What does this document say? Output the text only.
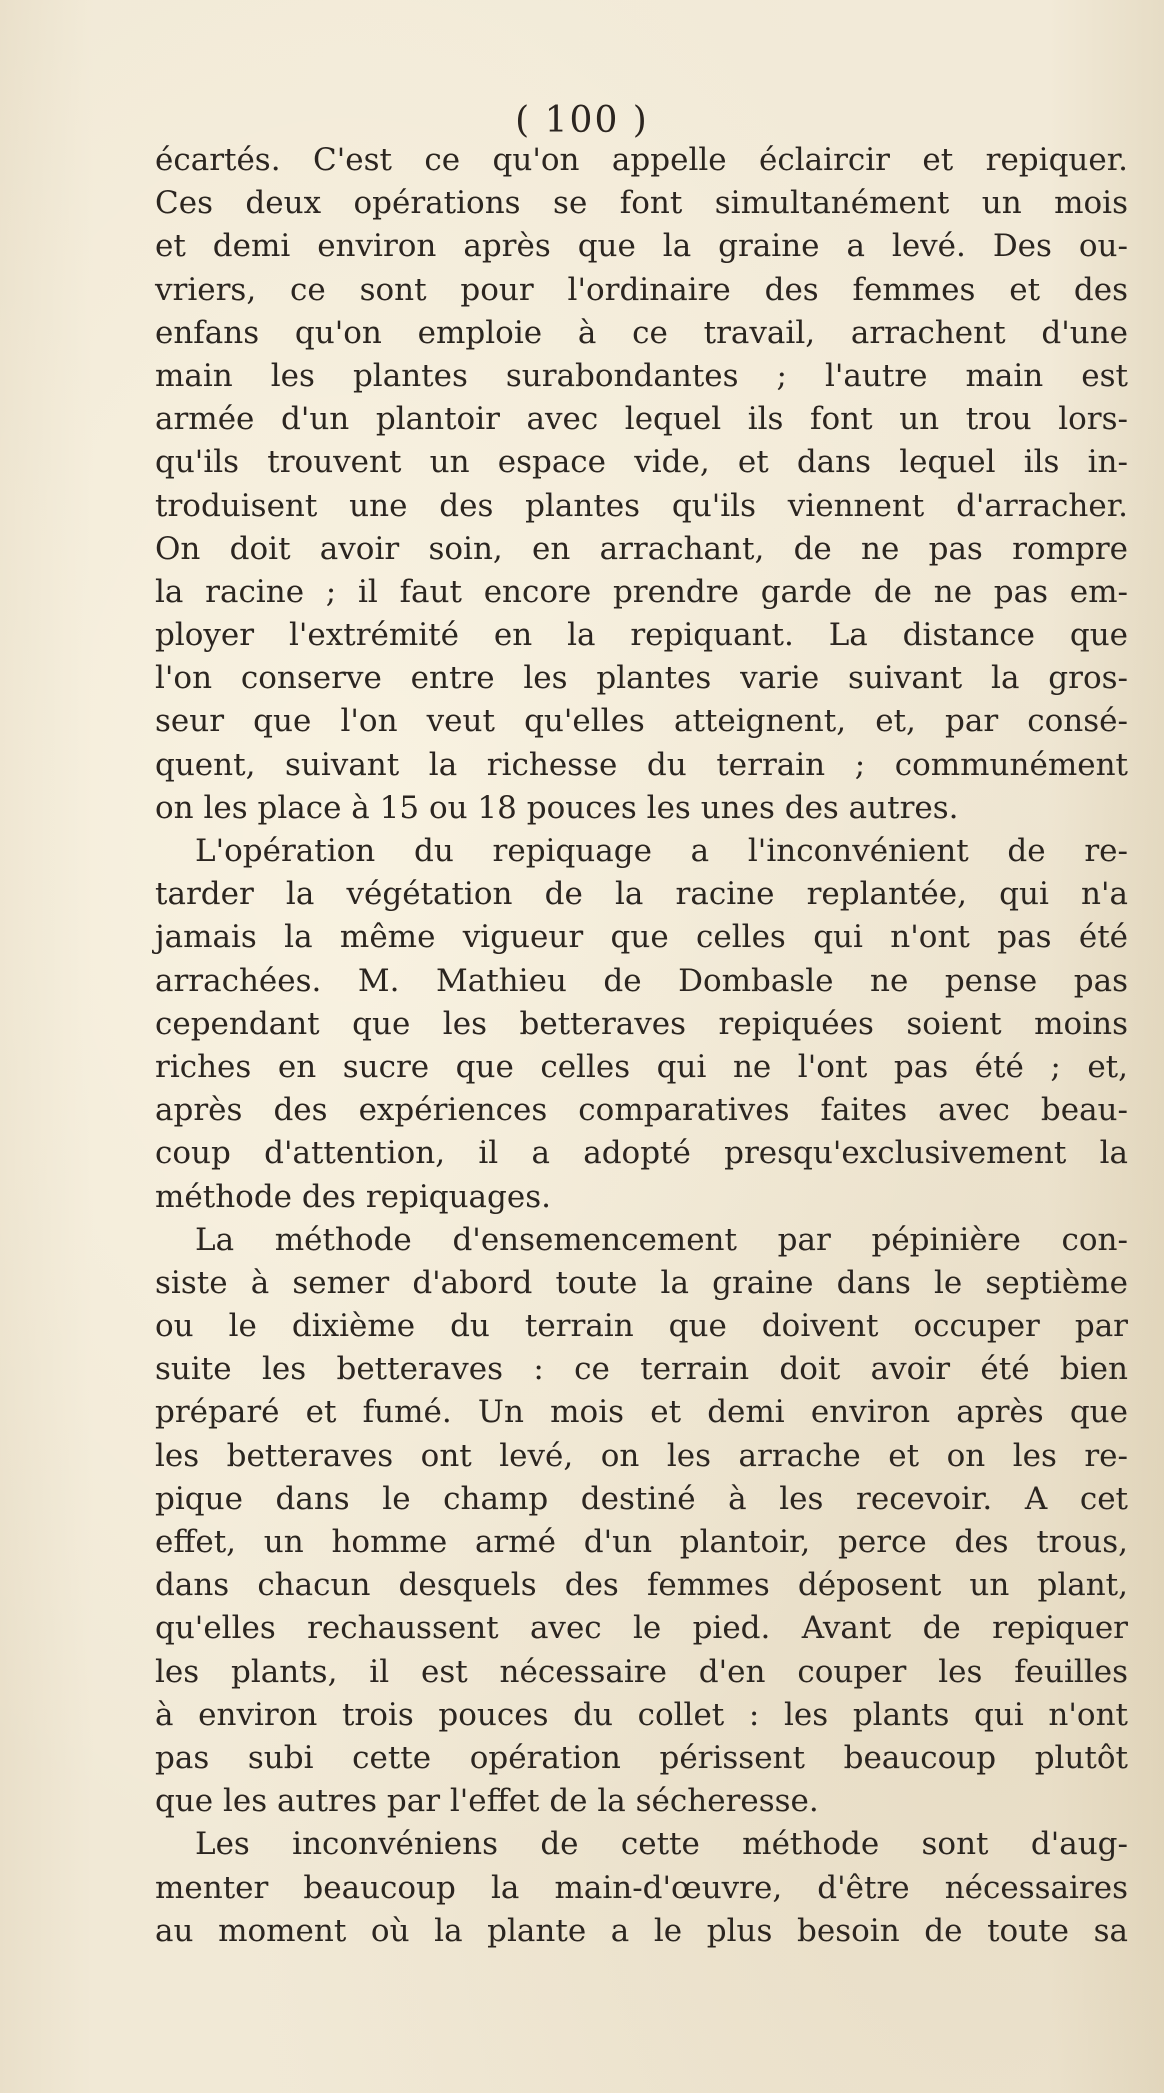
( 100 )
écartés. C'est ce qu'on appelle éclaircir et repiquer.
Ces deux opérations se font simultanément un mois
et demi environ après que la graine a levé. Des ou-
vriers, ce sont pour l'ordinaire des femmes et des
enfans qu'on emploie à ce travail, arrachent d'une
main les plantes surabondantes ; l'autre main est
armée d'un plantoir avec lequel ils font un trou lors-
qu'ils trouvent un espace vide, et dans lequel ils in-
troduisent une des plantes qu'ils viennent d'arracher.
On doit avoir soin, en arrachant, de ne pas rompre
la racine ; il faut encore prendre garde de ne pas em-
ployer l'extrémité en la repiquant. La distance que
l'on conserve entre les plantes varie suivant la gros-
seur que l'on veut qu'elles atteignent, et, par consé-
quent, suivant la richesse du terrain ; communément
on les place à 15 ou 18 pouces les unes des autres.
L'opération du repiquage a l'inconvénient de re-
tarder la végétation de la racine replantée, qui n'a
jamais la même vigueur que celles qui n'ont pas été
arrachées. M. Mathieu de Dombasle ne pense pas
cependant que les betteraves repiquées soient moins
riches en sucre que celles qui ne l'ont pas été ; et,
après des expériences comparatives faites avec beau-
coup d'attention, il a adopté presqu'exclusivement la
méthode des repiquages.
La méthode d'ensemencement par pépinière con-
siste à semer d'abord toute la graine dans le septième
ou le dixième du terrain que doivent occuper par
suite les betteraves : ce terrain doit avoir été bien
préparé et fumé. Un mois et demi environ après que
les betteraves ont levé, on les arrache et on les re-
pique dans le champ destiné à les recevoir. A cet
effet, un homme armé d'un plantoir, perce des trous,
dans chacun desquels des femmes déposent un plant,
qu'elles rechaussent avec le pied. Avant de repiquer
les plants, il est nécessaire d'en couper les feuilles
à environ trois pouces du collet : les plants qui n'ont
pas subi cette opération périssent beaucoup plutôt
que les autres par l'effet de la sécheresse.
Les inconvéniens de cette méthode sont d'aug-
menter beaucoup la main-d'œuvre, d'être nécessaires
au moment où la plante a le plus besoin de toute sa
